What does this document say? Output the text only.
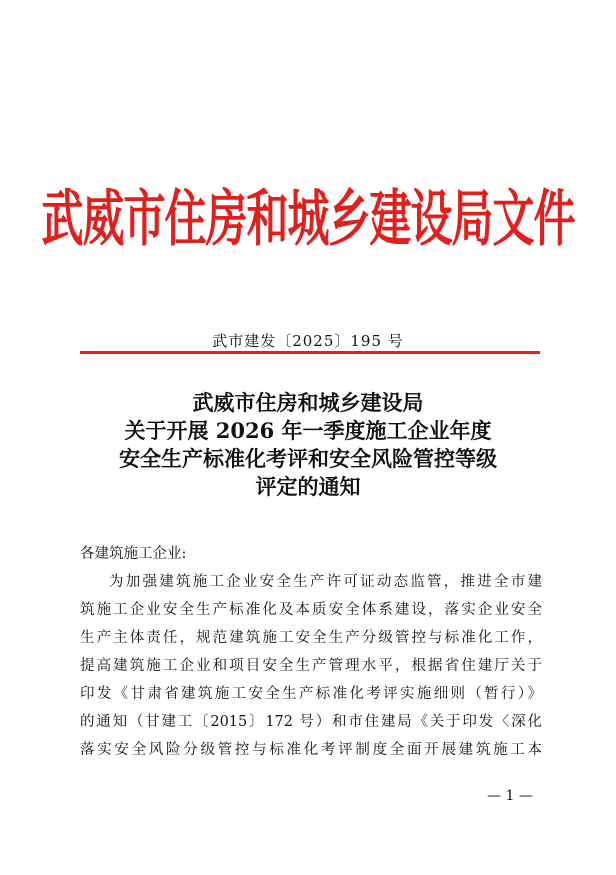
武威市住房和城乡建设局文件
武市建发〔2025〕195 号
武威市住房和城乡建设局
关于开展 2026 年一季度施工企业年度
安全生产标准化考评和安全风险管控等级
评定的通知
各建筑施工企业:
为加强建筑施工企业安全生产许可证动态监管，推进全市建
筑施工企业安全生产标准化及本质安全体系建设，落实企业安全
生产主体责任，规范建筑施工安全生产分级管控与标准化工作，
提高建筑施工企业和项目安全生产管理水平，根据省住建厅关于
印发《甘肃省建筑施工安全生产标准化考评实施细则（暂行）》
的通知（甘建工〔2015〕172 号）和市住建局《关于印发〈深化
落实安全风险分级管控与标准化考评制度全面开展建筑施工本
— 1 —
